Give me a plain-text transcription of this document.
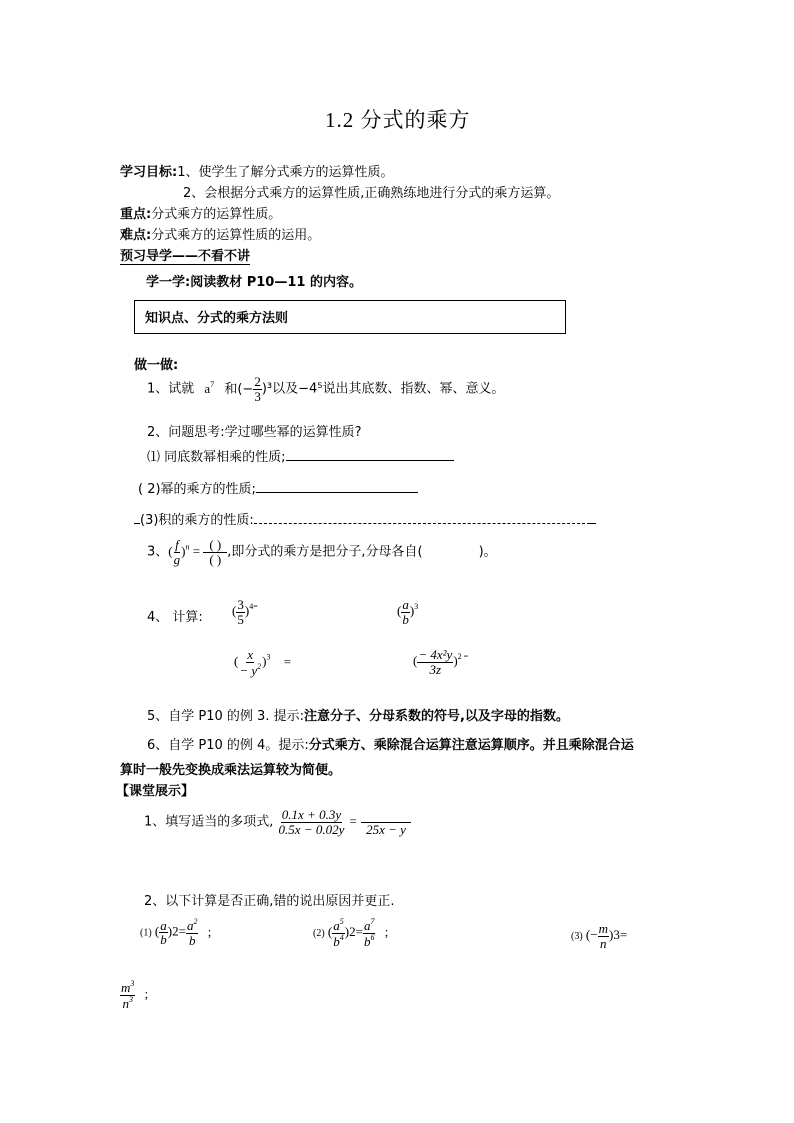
1.2 分式的乘方
学习目标:1、使学生了解分式乘方的运算性质。
2、会根据分式乘方的运算性质,正确熟练地进行分式的乘方运算。
重点:分式乘方的运算性质。
难点:分式乘方的运算性质的运用。
预习导学——不看不讲
学一学:阅读教材 P10—11 的内容。
知识点、分式的乘方法则
做一做:
1、试就 $a^7$ 和(− $\frac{2}{3} )^3$以及−4⁵说出其底数、指数、幂、意义。
2、问题思考:学过哪些幂的运算性质?
⑴ 同底数幂相乘的性质;
( 2)幂的乘方的性质;
(3)积的乘方的性质:
3、( $\frac{f}{g} )^n = \frac{( )}{( )}$ ,即分式的乘方是把分子,分母各自(	)。
4、 计算: ( $\frac{3}{5} )^{4=}$	( $\frac{a}{b} )^3$
( $\frac{x}{- y^2} )^3$ =	( $\frac{\text{− 4x²y}}{3z} )^{2 =}$
5、自学 P10 的例 3. 提示:注意分子、分母系数的符号,以及字母的指数。
6、自学 P10 的例 4。提示:分式乘方、乘除混合运算注意运算顺序。并且乘除混合运
算时一般先变换成乘法运算较为简便。
【课堂展示】
1、填写适当的多项式, $\frac{0.1x + 0.3y}{0.5x - 0.02y}$ =

25x − y
2、以下计算是否正确,错的说出原因并更正.
(1) ( $\frac{a}{b} )2= \frac{a^2}{b}$ ;	(2) ( $\frac{a^5}{b^4} )2= \frac{a^7}{b^6}$ ;	(3) (− $\frac{m}{n} )3=$
$\frac{m^3}{n^3}$ ;
